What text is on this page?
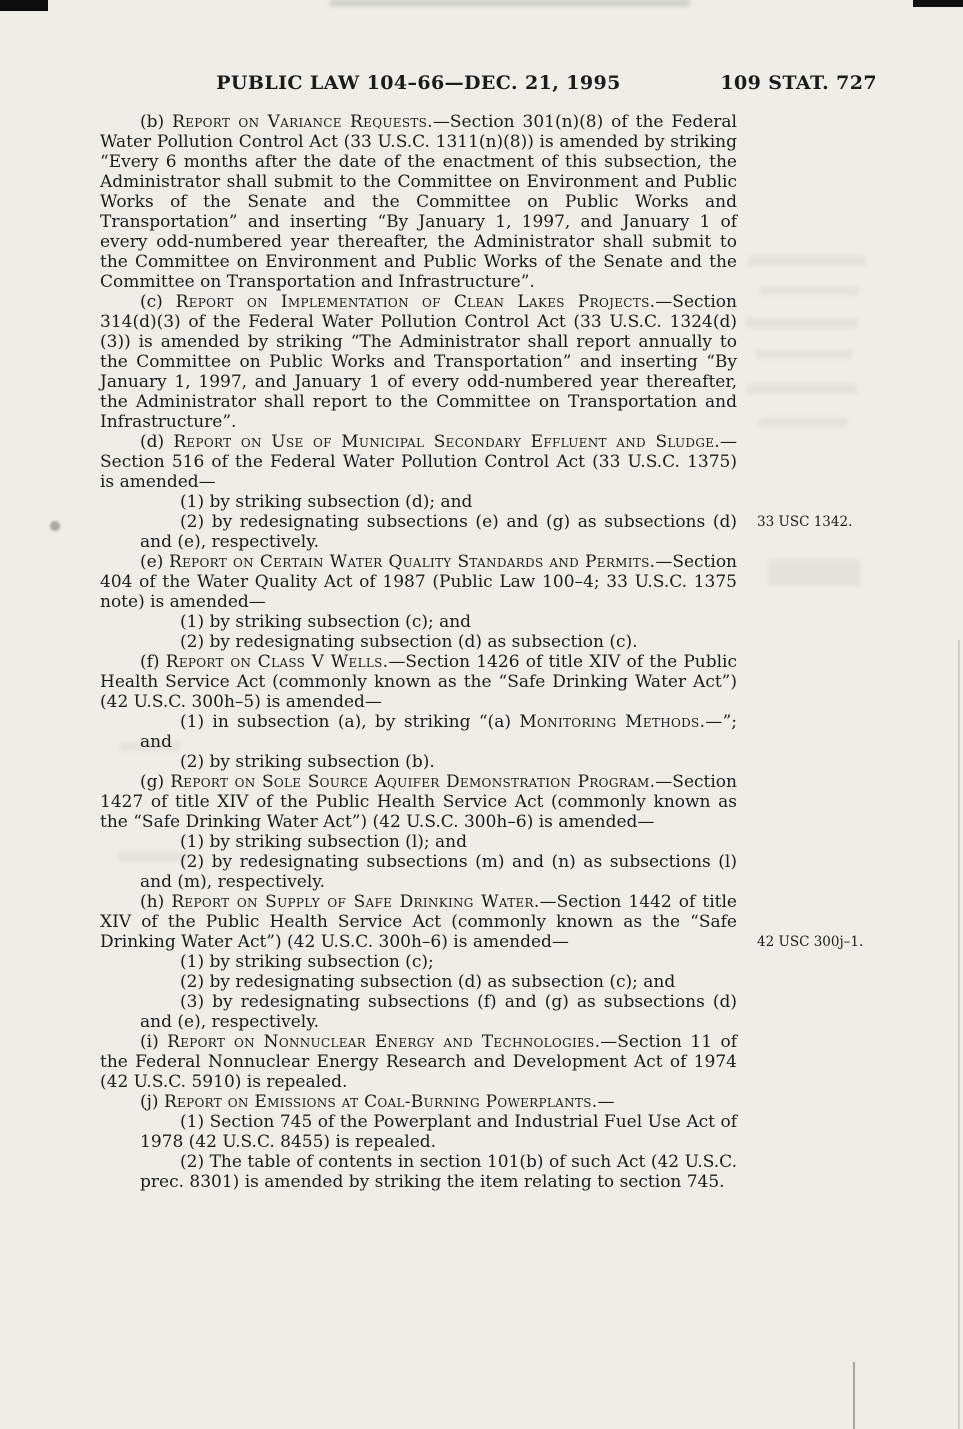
PUBLIC LAW 104–66—DEC. 21, 1995	109 STAT. 727

(b) Report on Variance Requests.—Section 301(n)(8) of the Federal Water Pollution Control Act (33 U.S.C. 1311(n)(8)) is amended by striking “Every 6 months after the date of the enactment of this subsection, the Administrator shall submit to the Committee on Environment and Public Works of the Senate and the Committee on Public Works and Transportation” and inserting “By January 1, 1997, and January 1 of every odd-numbered year thereafter, the Administrator shall submit to the Committee on Environment and Public Works of the Senate and the Committee on Transportation and Infrastructure”.

(c) Report on Implementation of Clean Lakes Projects.—Section 314(d)(3) of the Federal Water Pollution Control Act (33 U.S.C. 1324(d)(3)) is amended by striking “The Administrator shall report annually to the Committee on Public Works and Transportation” and inserting “By January 1, 1997, and January 1 of every odd-numbered year thereafter, the Administrator shall report to the Committee on Transportation and Infrastructure”.

(d) Report on Use of Municipal Secondary Effluent and Sludge.—Section 516 of the Federal Water Pollution Control Act (33 U.S.C. 1375) is amended—

(1) by striking subsection (d); and

(2) by redesignating subsections (e) and (g) as subsections (d) and (e), respectively.
33 USC 1342.

(e) Report on Certain Water Quality Standards and Permits.—Section 404 of the Water Quality Act of 1987 (Public Law 100–4; 33 U.S.C. 1375 note) is amended—

(1) by striking subsection (c); and

(2) by redesignating subsection (d) as subsection (c).

(f) Report on Class V Wells.—Section 1426 of title XIV of the Public Health Service Act (commonly known as the “Safe Drinking Water Act”) (42 U.S.C. 300h–5) is amended—

(1) in subsection (a), by striking “(a) Monitoring Methods.—”; and

(2) by striking subsection (b).

(g) Report on Sole Source Aquifer Demonstration Program.—Section 1427 of title XIV of the Public Health Service Act (commonly known as the “Safe Drinking Water Act”) (42 U.S.C. 300h–6) is amended—

(1) by striking subsection (l); and

(2) by redesignating subsections (m) and (n) as subsections (l) and (m), respectively.

(h) Report on Supply of Safe Drinking Water.—Section 1442 of title XIV of the Public Health Service Act (commonly known as the “Safe Drinking Water Act”) (42 U.S.C. 300h–6) is amended—	42 USC 300j–1.

(1) by striking subsection (c);

(2) by redesignating subsection (d) as subsection (c); and

(3) by redesignating subsections (f) and (g) as subsections (d) and (e), respectively.

(i) Report on Nonnuclear Energy and Technologies.—Section 11 of the Federal Nonnuclear Energy Research and Development Act of 1974 (42 U.S.C. 5910) is repealed.

(j) Report on Emissions at Coal-Burning Powerplants.—

(1) Section 745 of the Powerplant and Industrial Fuel Use Act of 1978 (42 U.S.C. 8455) is repealed.

(2) The table of contents in section 101(b) of such Act (42 U.S.C. prec. 8301) is amended by striking the item relating to section 745.
